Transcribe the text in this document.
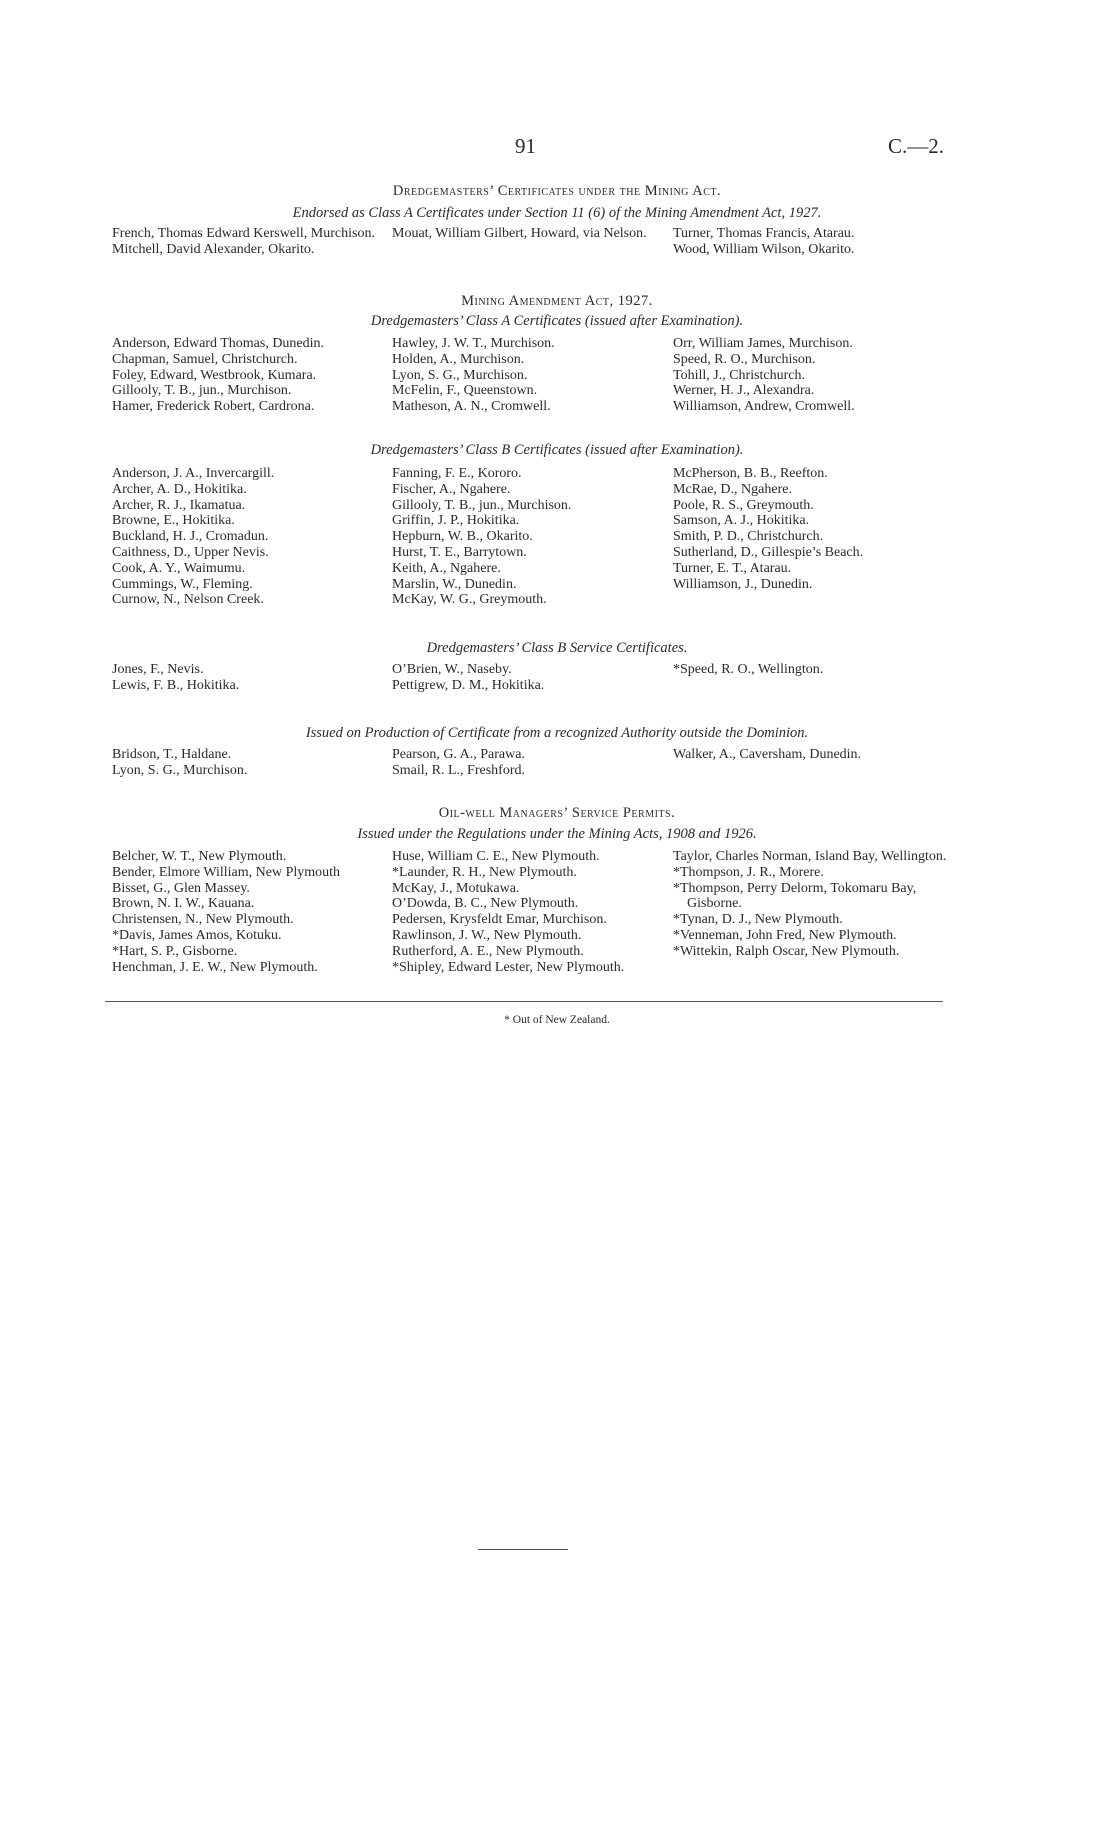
91	C.—2.
Dredgemasters’ Certificates under the Mining Act.
Endorsed as Class A Certificates under Section 11 (6) of the Mining Amendment Act, 1927.
French, Thomas Edward Kerswell, Murchison.
Mitchell, David Alexander, Okarito.
Mouat, William Gilbert, Howard, via Nelson.	Turner, Thomas Francis, Atarau.
Wood, William Wilson, Okarito.
Mining Amendment Act, 1927.
Dredgemasters’ Class A Certificates (issued after Examination).
Anderson, Edward Thomas, Dunedin.
Chapman, Samuel, Christchurch.
Foley, Edward, Westbrook, Kumara.
Gillooly, T. B., jun., Murchison.
Hamer, Frederick Robert, Cardrona.
Hawley, J. W. T., Murchison.
Holden, A., Murchison.
Lyon, S. G., Murchison.
McFelin, F., Queenstown.
Matheson, A. N., Cromwell.
Orr, William James, Murchison.
Speed, R. O., Murchison.
Tohill, J., Christchurch.
Werner, H. J., Alexandra.
Williamson, Andrew, Cromwell.
Dredgemasters’ Class B Certificates (issued after Examination).
Anderson, J. A., Invercargill.
Archer, A. D., Hokitika.
Archer, R. J., Ikamatua.
Browne, E., Hokitika.
Buckland, H. J., Cromadun.
Caithness, D., Upper Nevis.
Cook, A. Y., Waimumu.
Cummings, W., Fleming.
Curnow, N., Nelson Creek.
Fanning, F. E., Kororo.
Fischer, A., Ngahere.
Gillooly, T. B., jun., Murchison.
Griffin, J. P., Hokitika.
Hepburn, W. B., Okarito.
Hurst, T. E., Barrytown.
Keith, A., Ngahere.
Marslin, W., Dunedin.
McKay, W. G., Greymouth.
McPherson, B. B., Reefton.
McRae, D., Ngahere.
Poole, R. S., Greymouth.
Samson, A. J., Hokitika.
Smith, P. D., Christchurch.
Sutherland, D., Gillespie’s Beach.
Turner, E. T., Atarau.
Williamson, J., Dunedin.
Dredgemasters’ Class B Service Certificates.
Jones, F., Nevis.
Lewis, F. B., Hokitika.
O’Brien, W., Naseby.
Pettigrew, D. M., Hokitika.
*Speed, R. O., Wellington.
Issued on Production of Certificate from a recognized Authority outside the Dominion.
Bridson, T., Haldane.
Lyon, S. G., Murchison.
Pearson, G. A., Parawa.
Smail, R. L., Freshford.
Walker, A., Caversham, Dunedin.
Oil-well Managers’ Service Permits.
Issued under the Regulations under the Mining Acts, 1908 and 1926.
Belcher, W. T., New Plymouth.
Bender, Elmore William, New Plymouth
Bisset, G., Glen Massey.
Brown, N. I. W., Kauana.
Christensen, N., New Plymouth.
*Davis, James Amos, Kotuku.
*Hart, S. P., Gisborne.
Henchman, J. E. W., New Plymouth.
Huse, William C. E., New Plymouth.
*Launder, R. H., New Plymouth.
McKay, J., Motukawa.
O’Dowda, B. C., New Plymouth.
Pedersen, Krysfeldt Emar, Murchison.
Rawlinson, J. W., New Plymouth.
Rutherford, A. E., New Plymouth.
*Shipley, Edward Lester, New Plymouth.
Taylor, Charles Norman, Island Bay, Wellington.
*Thompson, J. R., Morere.
*Thompson, Perry Delorm, Tokomaru Bay, Gisborne.
*Tynan, D. J., New Plymouth.
*Venneman, John Fred, New Plymouth.
*Wittekin, Ralph Oscar, New Plymouth.
* Out of New Zealand.
